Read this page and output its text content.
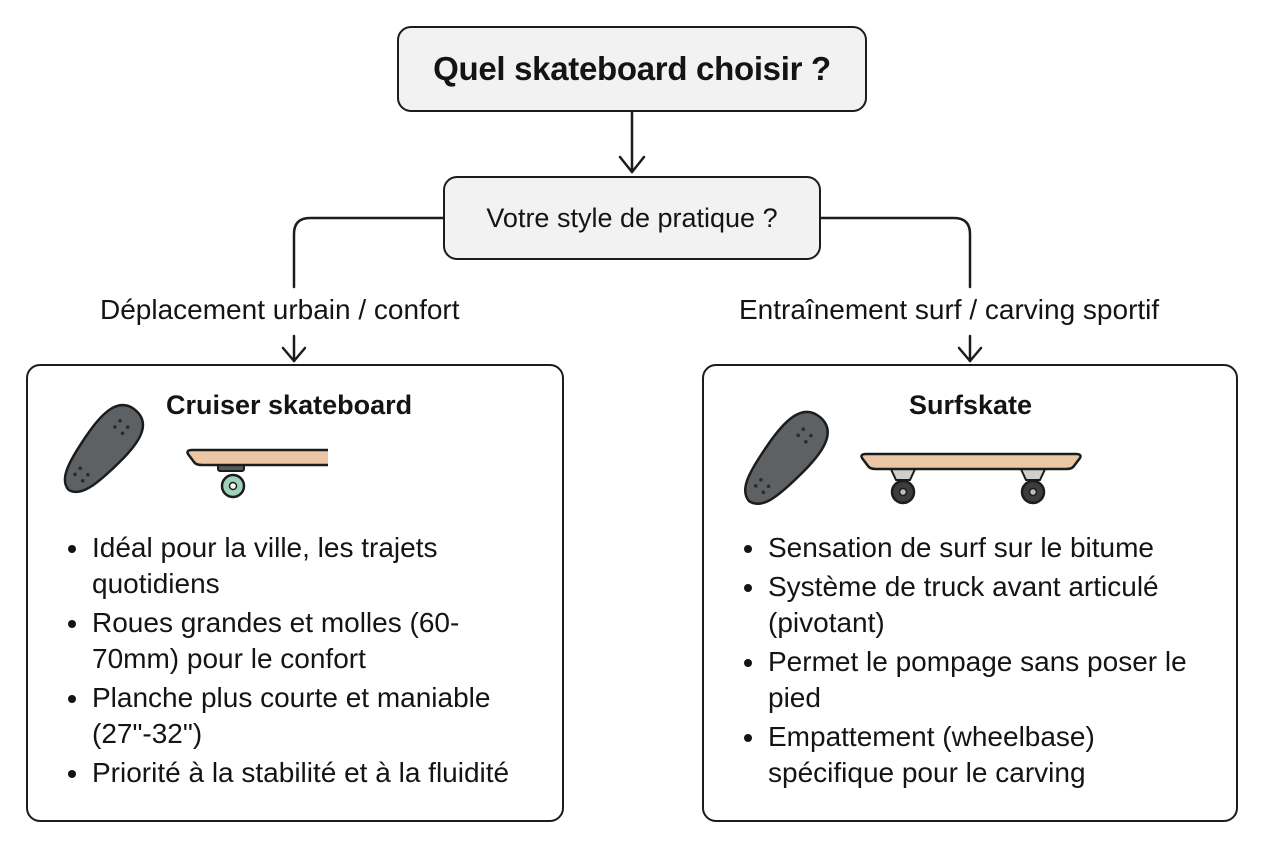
Quel skateboard choisir ?
Votre style de pratique ?
Déplacement urbain / confort	Entraînement surf / carving sportif
Cruiser skateboard
Idéal pour la ville, les trajets quotidiens
Roues grandes et molles (60-70mm) pour le confort
Planche plus courte et maniable (27"-32")
Priorité à la stabilité et à la fluidité
Surfskate
Sensation de surf sur le bitume
Système de truck avant articulé (pivotant)
Permet le pompage sans poser le pied
Empattement (wheelbase) spécifique pour le carving
